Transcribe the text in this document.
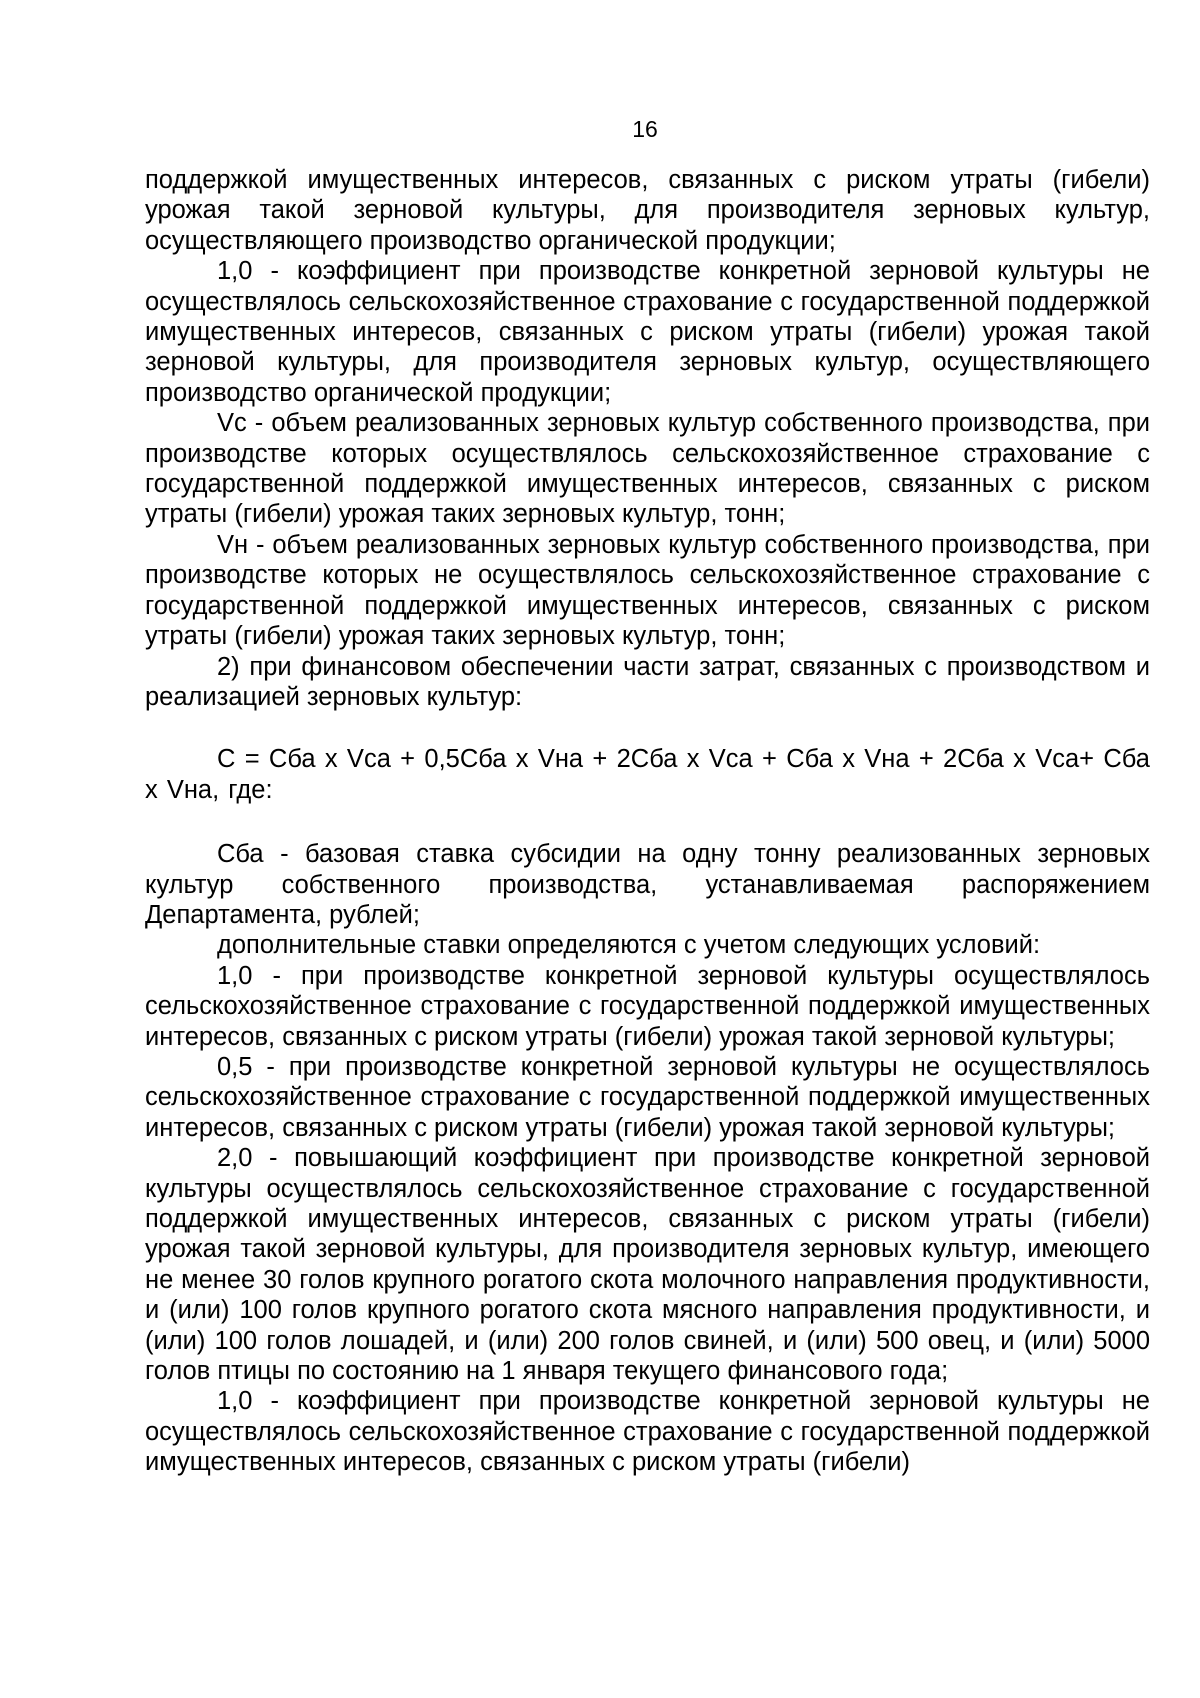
16

поддержкой имущественных интересов, связанных с риском утраты (гибели) урожая такой зерновой культуры, для производителя зерновых культур, осуществляющего производство органической продукции;

1,0 - коэффициент при производстве конкретной зерновой культуры не осуществлялось сельскохозяйственное страхование с государственной поддержкой имущественных интересов, связанных с риском утраты (гибели) урожая такой зерновой культуры, для производителя зерновых культур, осуществляющего производство органической продукции;

Vc - объем реализованных зерновых культур собственного производства, при производстве которых осуществлялось сельскохозяйственное страхование с государственной поддержкой имущественных интересов, связанных с риском утраты (гибели) урожая таких зерновых культур, тонн;

Vн - объем реализованных зерновых культур собственного производства, при производстве которых не осуществлялось сельскохозяйственное страхование с государственной поддержкой имущественных интересов, связанных с риском утраты (гибели) урожая таких зерновых культур, тонн;

2) при финансовом обеспечении части затрат, связанных с производством и реализацией зерновых культур:

С = Сба х Vса + 0,5Сба х Vна + 2Сба х Vса + Сба х Vна + 2Сба х Vса+ Сба х Vна, где:

Сба - базовая ставка субсидии на одну тонну реализованных зерновых культур собственного производства, устанавливаемая распоряжением Департамента, рублей;

дополнительные ставки определяются с учетом следующих условий:

1,0 - при производстве конкретной зерновой культуры осуществлялось сельскохозяйственное страхование с государственной поддержкой имущественных интересов, связанных с риском утраты (гибели) урожая такой зерновой культуры;

0,5 - при производстве конкретной зерновой культуры не осуществлялось сельскохозяйственное страхование с государственной поддержкой имущественных интересов, связанных с риском утраты (гибели) урожая такой зерновой культуры;

2,0 - повышающий коэффициент при производстве конкретной зерновой культуры осуществлялось сельскохозяйственное страхование с государственной поддержкой имущественных интересов, связанных с риском утраты (гибели) урожая такой зерновой культуры, для производителя зерновых культур, имеющего не менее 30 голов крупного рогатого скота молочного направления продуктивности, и (или) 100 голов крупного рогатого скота мясного направления продуктивности, и (или) 100 голов лошадей, и (или) 200 голов свиней, и (или) 500 овец, и (или) 5000 голов птицы по состоянию на 1 января текущего финансового года;

1,0 - коэффициент при производстве конкретной зерновой культуры не осуществлялось сельскохозяйственное страхование с государственной поддержкой имущественных интересов, связанных с риском утраты (гибели)
